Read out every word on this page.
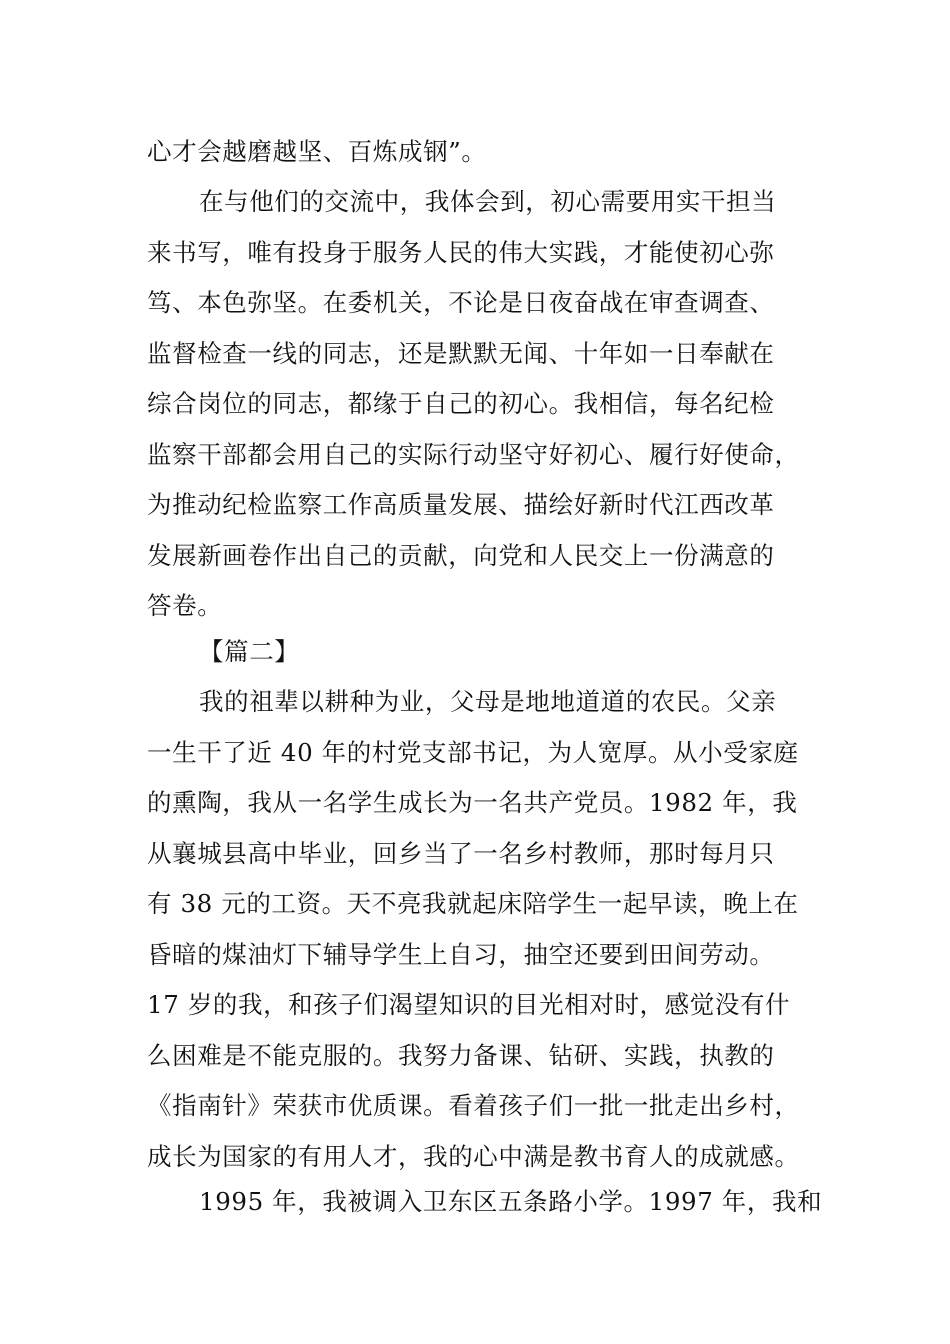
心才会越磨越坚、百炼成钢”。
在与他们的交流中，我体会到，初心需要用实干担当
来书写，唯有投身于服务人民的伟大实践，才能使初心弥
笃、本色弥坚。在委机关，不论是日夜奋战在审查调查、
监督检查一线的同志，还是默默无闻、十年如一日奉献在
综合岗位的同志，都缘于自己的初心。我相信，每名纪检
监察干部都会用自己的实际行动坚守好初心、履行好使命，
为推动纪检监察工作高质量发展、描绘好新时代江西改革
发展新画卷作出自己的贡献，向党和人民交上一份满意的
答卷。
【篇二】
我的祖辈以耕种为业，父母是地地道道的农民。父亲
一生干了近 40 年的村党支部书记，为人宽厚。从小受家庭
的熏陶，我从一名学生成长为一名共产党员。1982 年，我
从襄城县高中毕业，回乡当了一名乡村教师，那时每月只
有 38 元的工资。天不亮我就起床陪学生一起早读，晚上在
昏暗的煤油灯下辅导学生上自习，抽空还要到田间劳动。
17 岁的我，和孩子们渴望知识的目光相对时，感觉没有什
么困难是不能克服的。我努力备课、钻研、实践，执教的
《指南针》荣获市优质课。看着孩子们一批一批走出乡村，
成长为国家的有用人才，我的心中满是教书育人的成就感。
1995 年，我被调入卫东区五条路小学。1997 年，我和
